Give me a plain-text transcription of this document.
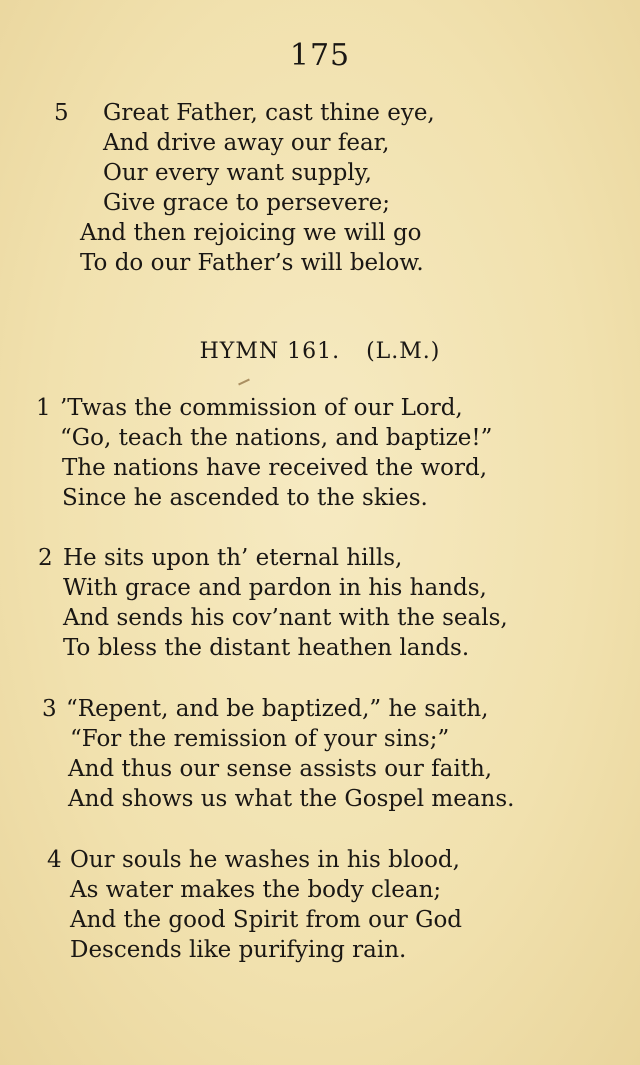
175
5 Great Father, cast thine eye,
And drive away our fear,
Our every want supply,
Give grace to persevere;
And then rejoicing we will go
To do our Father’s will below.
HYMN 161. (L.M.)
1 ’Twas the commission of our Lord,
“Go, teach the nations, and baptize!”
The nations have received the word,
Since he ascended to the skies.
2 He sits upon th’ eternal hills,
With grace and pardon in his hands,
And sends his cov’nant with the seals,
To bless the distant heathen lands.
3 “Repent, and be baptized,” he saith,
“For the remission of your sins;”
And thus our sense assists our faith,
And shows us what the Gospel means.
4 Our souls he washes in his blood,
As water makes the body clean;
And the good Spirit from our God
Descends like purifying rain.
